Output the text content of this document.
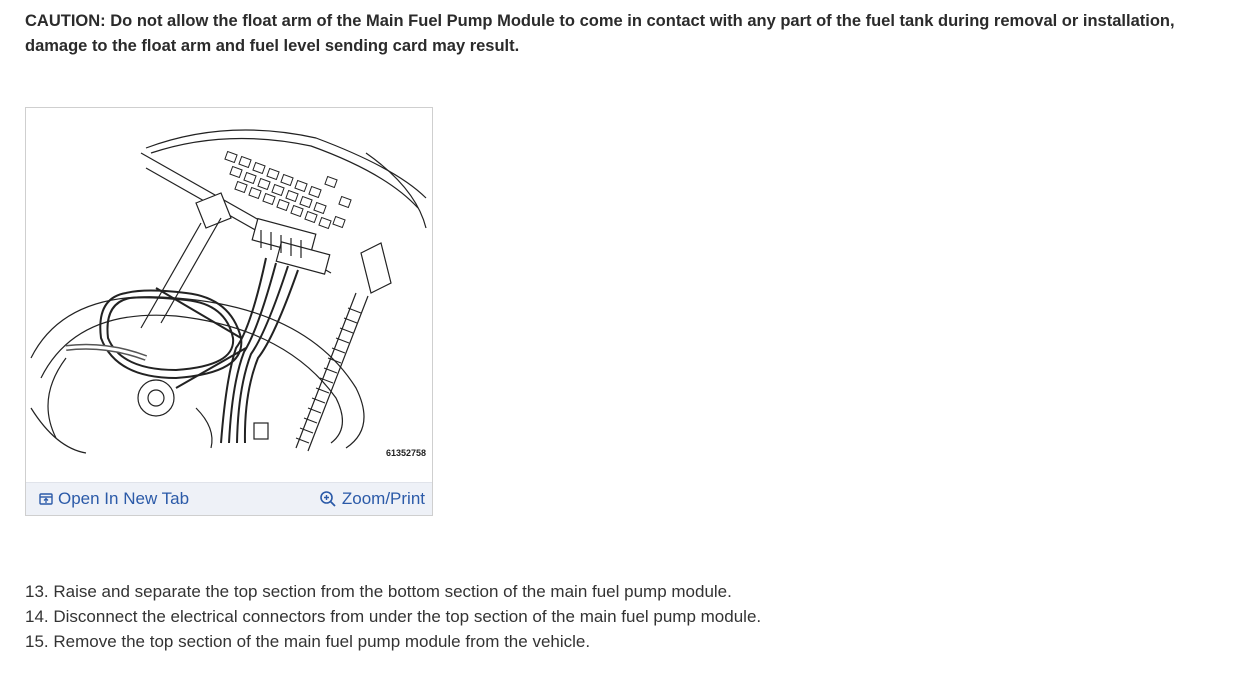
CAUTION: Do not allow the float arm of the Main Fuel Pump Module to come in contact with any part of the fuel tank during removal or installation, damage to the float arm and fuel level sending card may result.

61352758
Open In New Tab	Zoom/Print
13. Raise and separate the top section from the bottom section of the main fuel pump module.
14. Disconnect the electrical connectors from under the top section of the main fuel pump module.
15. Remove the top section of the main fuel pump module from the vehicle.
